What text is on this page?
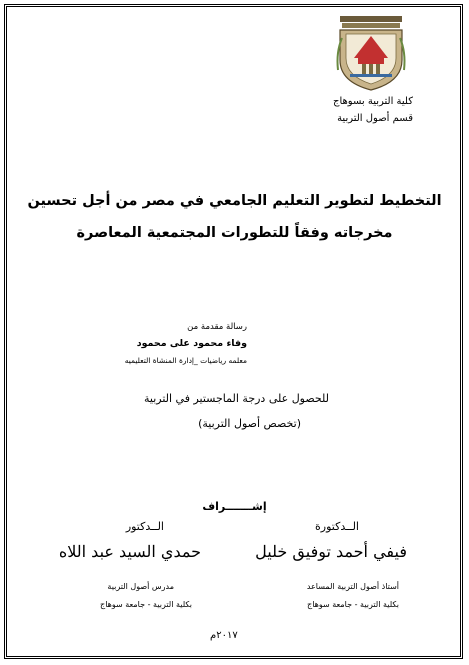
كلية التربية بسوهاج
قسم أصول التربية
التخطيط لتطوير التعليم الجامعي في مصر من أجل تحسين
مخرجاته وفقاً للتطورات المجتمعية المعاصرة
رسالة مقدمة من
وفاء محمود على محمود
معلمه رياضيات _إدارة المنشاة التعليميه
للحصول على درجة الماجستير في التربية
(تخصص أصول التربية)
إشـــــــراف
الــدكتورة
فيفي أحمد توفيق خليل
أستاذ أصول التربية المساعد
بكلية التربية - جامعة سوهاج
الــدكتور
حمدي السيد عبد اللاه
مدرس أصول التربية
بكلية التربية - جامعة سوهاج
٢٠١٧م
